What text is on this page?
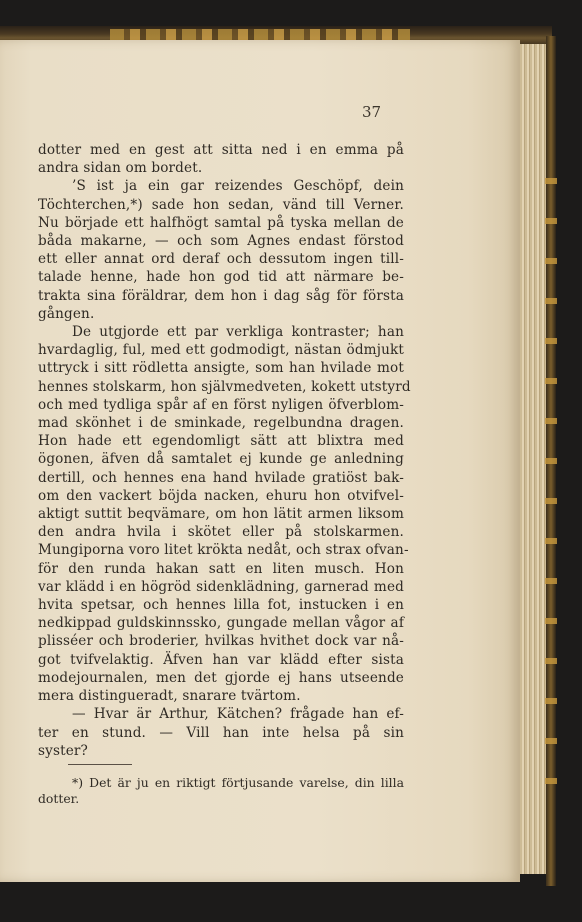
37
dotter med en gest att sitta ned i en emma på
andra sidan om bordet.
’S ist ja ein gar reizendes Geschöpf, dein
Töchterchen,*) sade hon sedan, vänd till Verner.
Nu började ett halfhögt samtal på tyska mellan de
båda makarne, — och som Agnes endast förstod
ett eller annat ord deraf och dessutom ingen till-
talade henne, hade hon god tid att närmare be-
trakta sina föräldrar, dem hon i dag såg för första
gången.
De utgjorde ett par verkliga kontraster; han
hvardaglig, ful, med ett godmodigt, nästan ödmjukt
uttryck i sitt rödletta ansigte, som han hvilade mot
hennes stolskarm, hon självmedveten, kokett utstyrd
och med tydliga spår af en först nyligen öfverblom-
mad skönhet i de sminkade, regelbundna dragen.
Hon hade ett egendomligt sätt att blixtra med
ögonen, äfven då samtalet ej kunde ge anledning
dertill, och hennes ena hand hvilade gratiöst bak-
om den vackert böjda nacken, ehuru hon otvifvel-
aktigt suttit beqvämare, om hon lätit armen liksom
den andra hvila i skötet eller på stolskarmen.
Mungiporna voro litet krökta nedåt, och strax ofvan-
för den runda hakan satt en liten musch. Hon
var klädd i en högröd sidenklädning, garnerad med
hvita spetsar, och hennes lilla fot, instucken i en
nedkippad guldskinnssko, gungade mellan vågor af
plisséer och broderier, hvilkas hvithet dock var nå-
got tvifvelaktig. Äfven han var klädd efter sista
modejournalen, men det gjorde ej hans utseende
mera distingueradt, snarare tvärtom.
— Hvar är Arthur, Kätchen? frågade han ef-
ter en stund. — Vill han inte helsa på sin
syster?
*) Det är ju en riktigt förtjusande varelse, din lilla
dotter.
